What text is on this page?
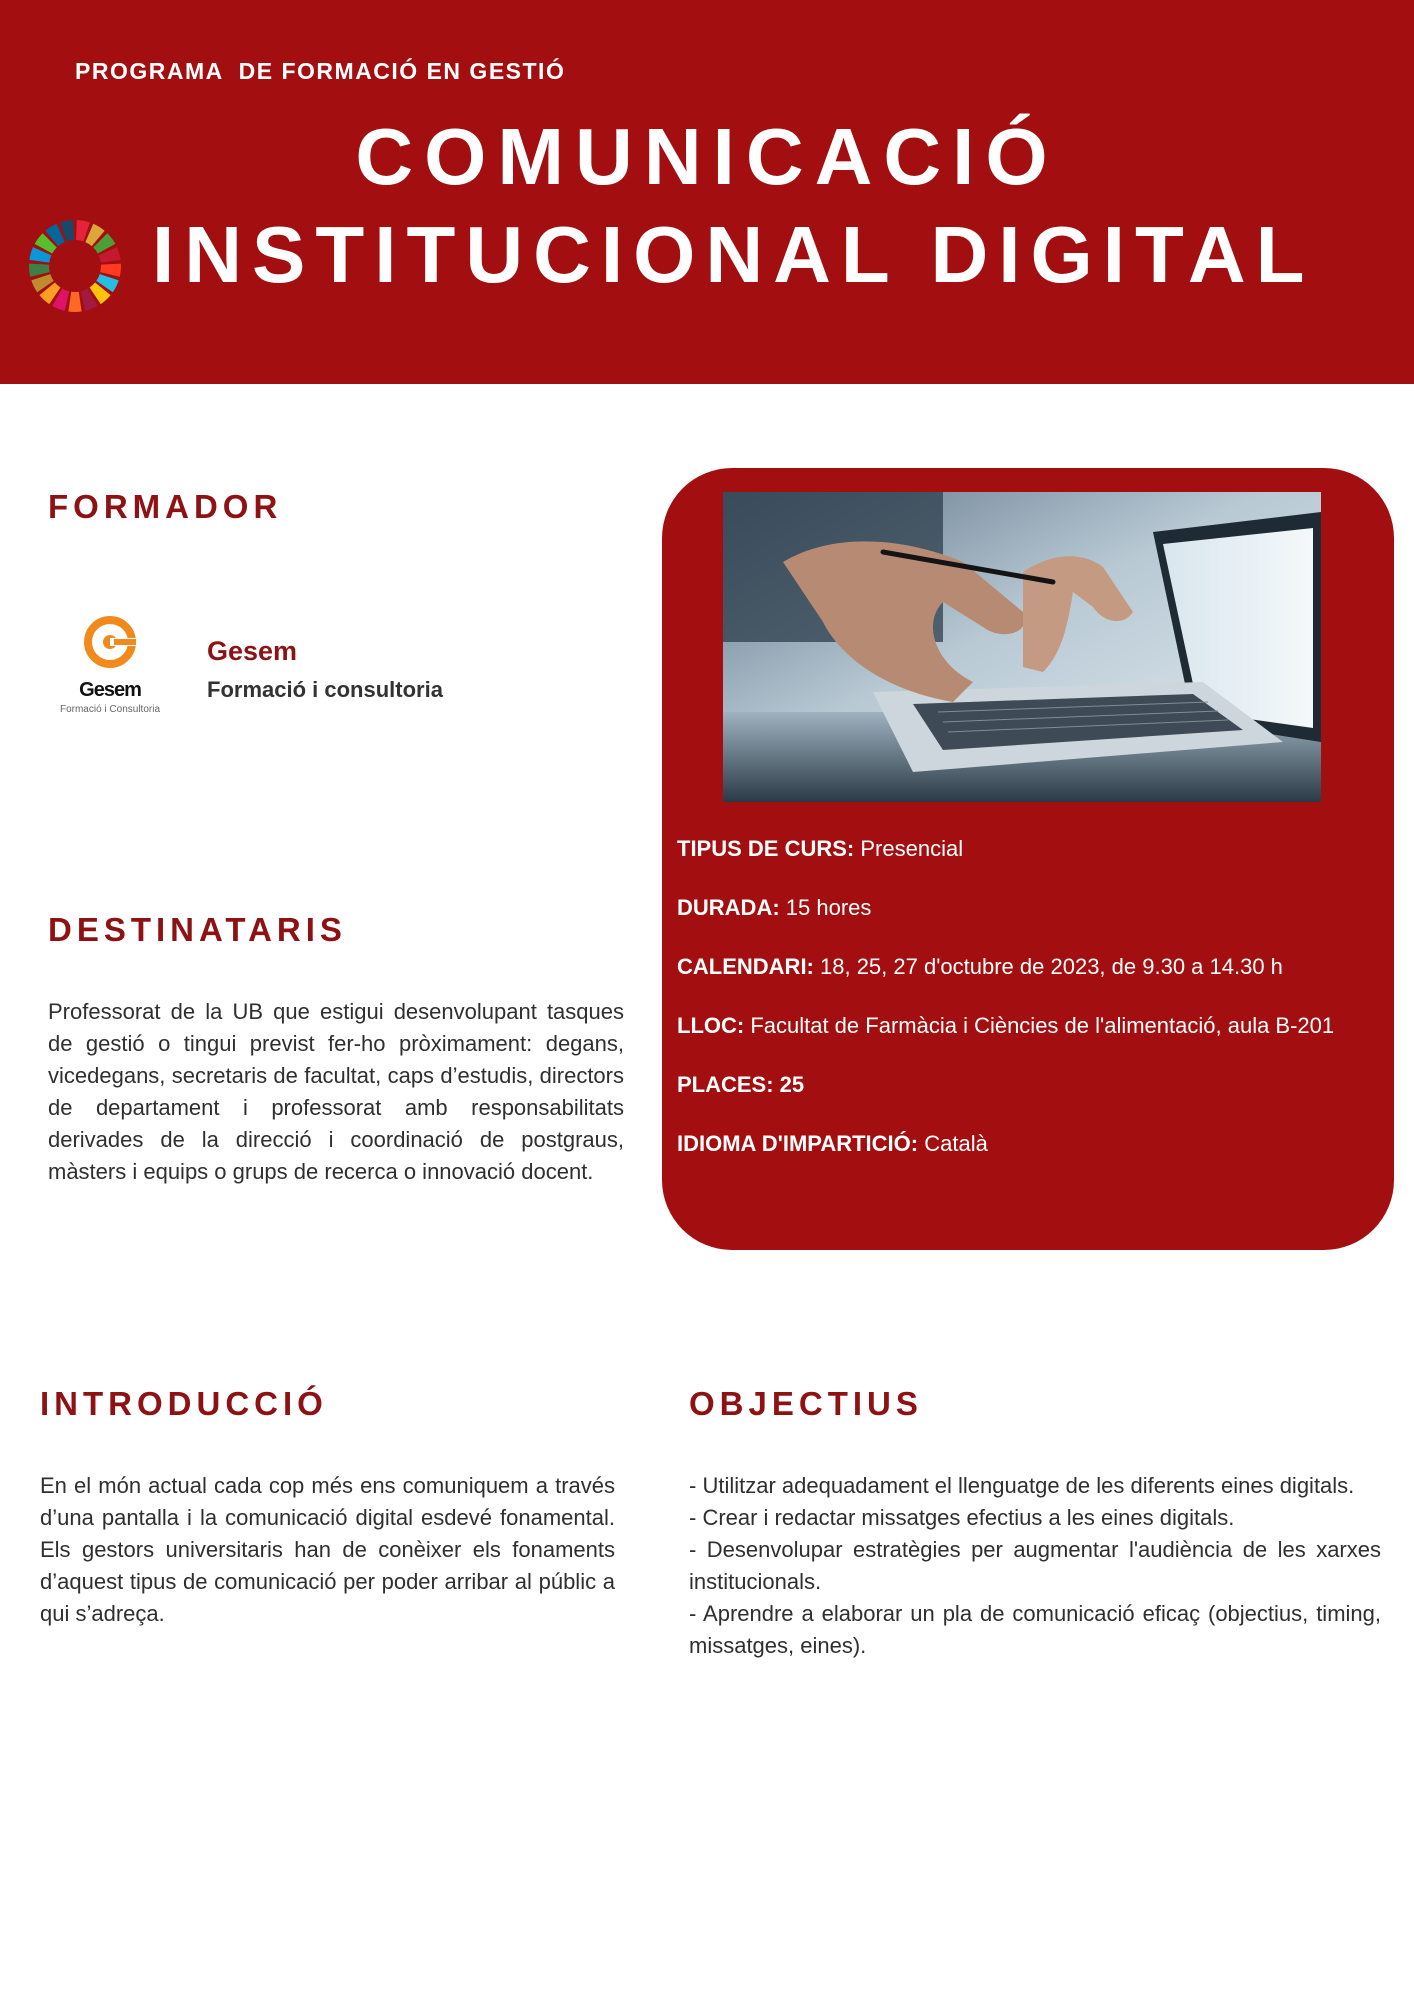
PROGRAMA  DE FORMACIÓ EN GESTIÓ
COMUNICACIÓ
INSTITUCIONAL DIGITAL
FORMADOR
Gesem
Formació i Consultoria
Gesem
Formació i consultoria
DESTINATARIS
Professorat de la UB que estigui desenvolupant tasques de gestió o tingui previst fer-ho pròximament: degans, vicedegans, secretaris de facultat, caps d’estudis, directors de departament i professorat amb responsabilitats derivades de la direcció i coordinació de postgraus, màsters i equips o grups de recerca o innovació docent.
TIPUS DE CURS: Presencial
DURADA: 15 hores
CALENDARI: 18, 25, 27 d'octubre de 2023, de 9.30 a 14.30 h
LLOC: Facultat de Farmàcia i Ciències de l'alimentació, aula B-201
PLACES: 25
IDIOMA D'IMPARTICIÓ: Català
INTRODUCCIÓ
En el món actual cada cop més ens comuniquem a través d’una pantalla i la comunicació digital esdevé fonamental. Els gestors universitaris han de conèixer els fonaments d’aquest tipus de comunicació per poder arribar al públic a qui s’adreça.
OBJECTIUS
- Utilitzar adequadament el llenguatge de les diferents eines digitals.
- Crear i redactar missatges efectius a les eines digitals.
- Desenvolupar estratègies per augmentar l'audiència de les xarxes institucionals.
- Aprendre a elaborar un pla de comunicació eficaç (objectius, timing, missatges, eines).
